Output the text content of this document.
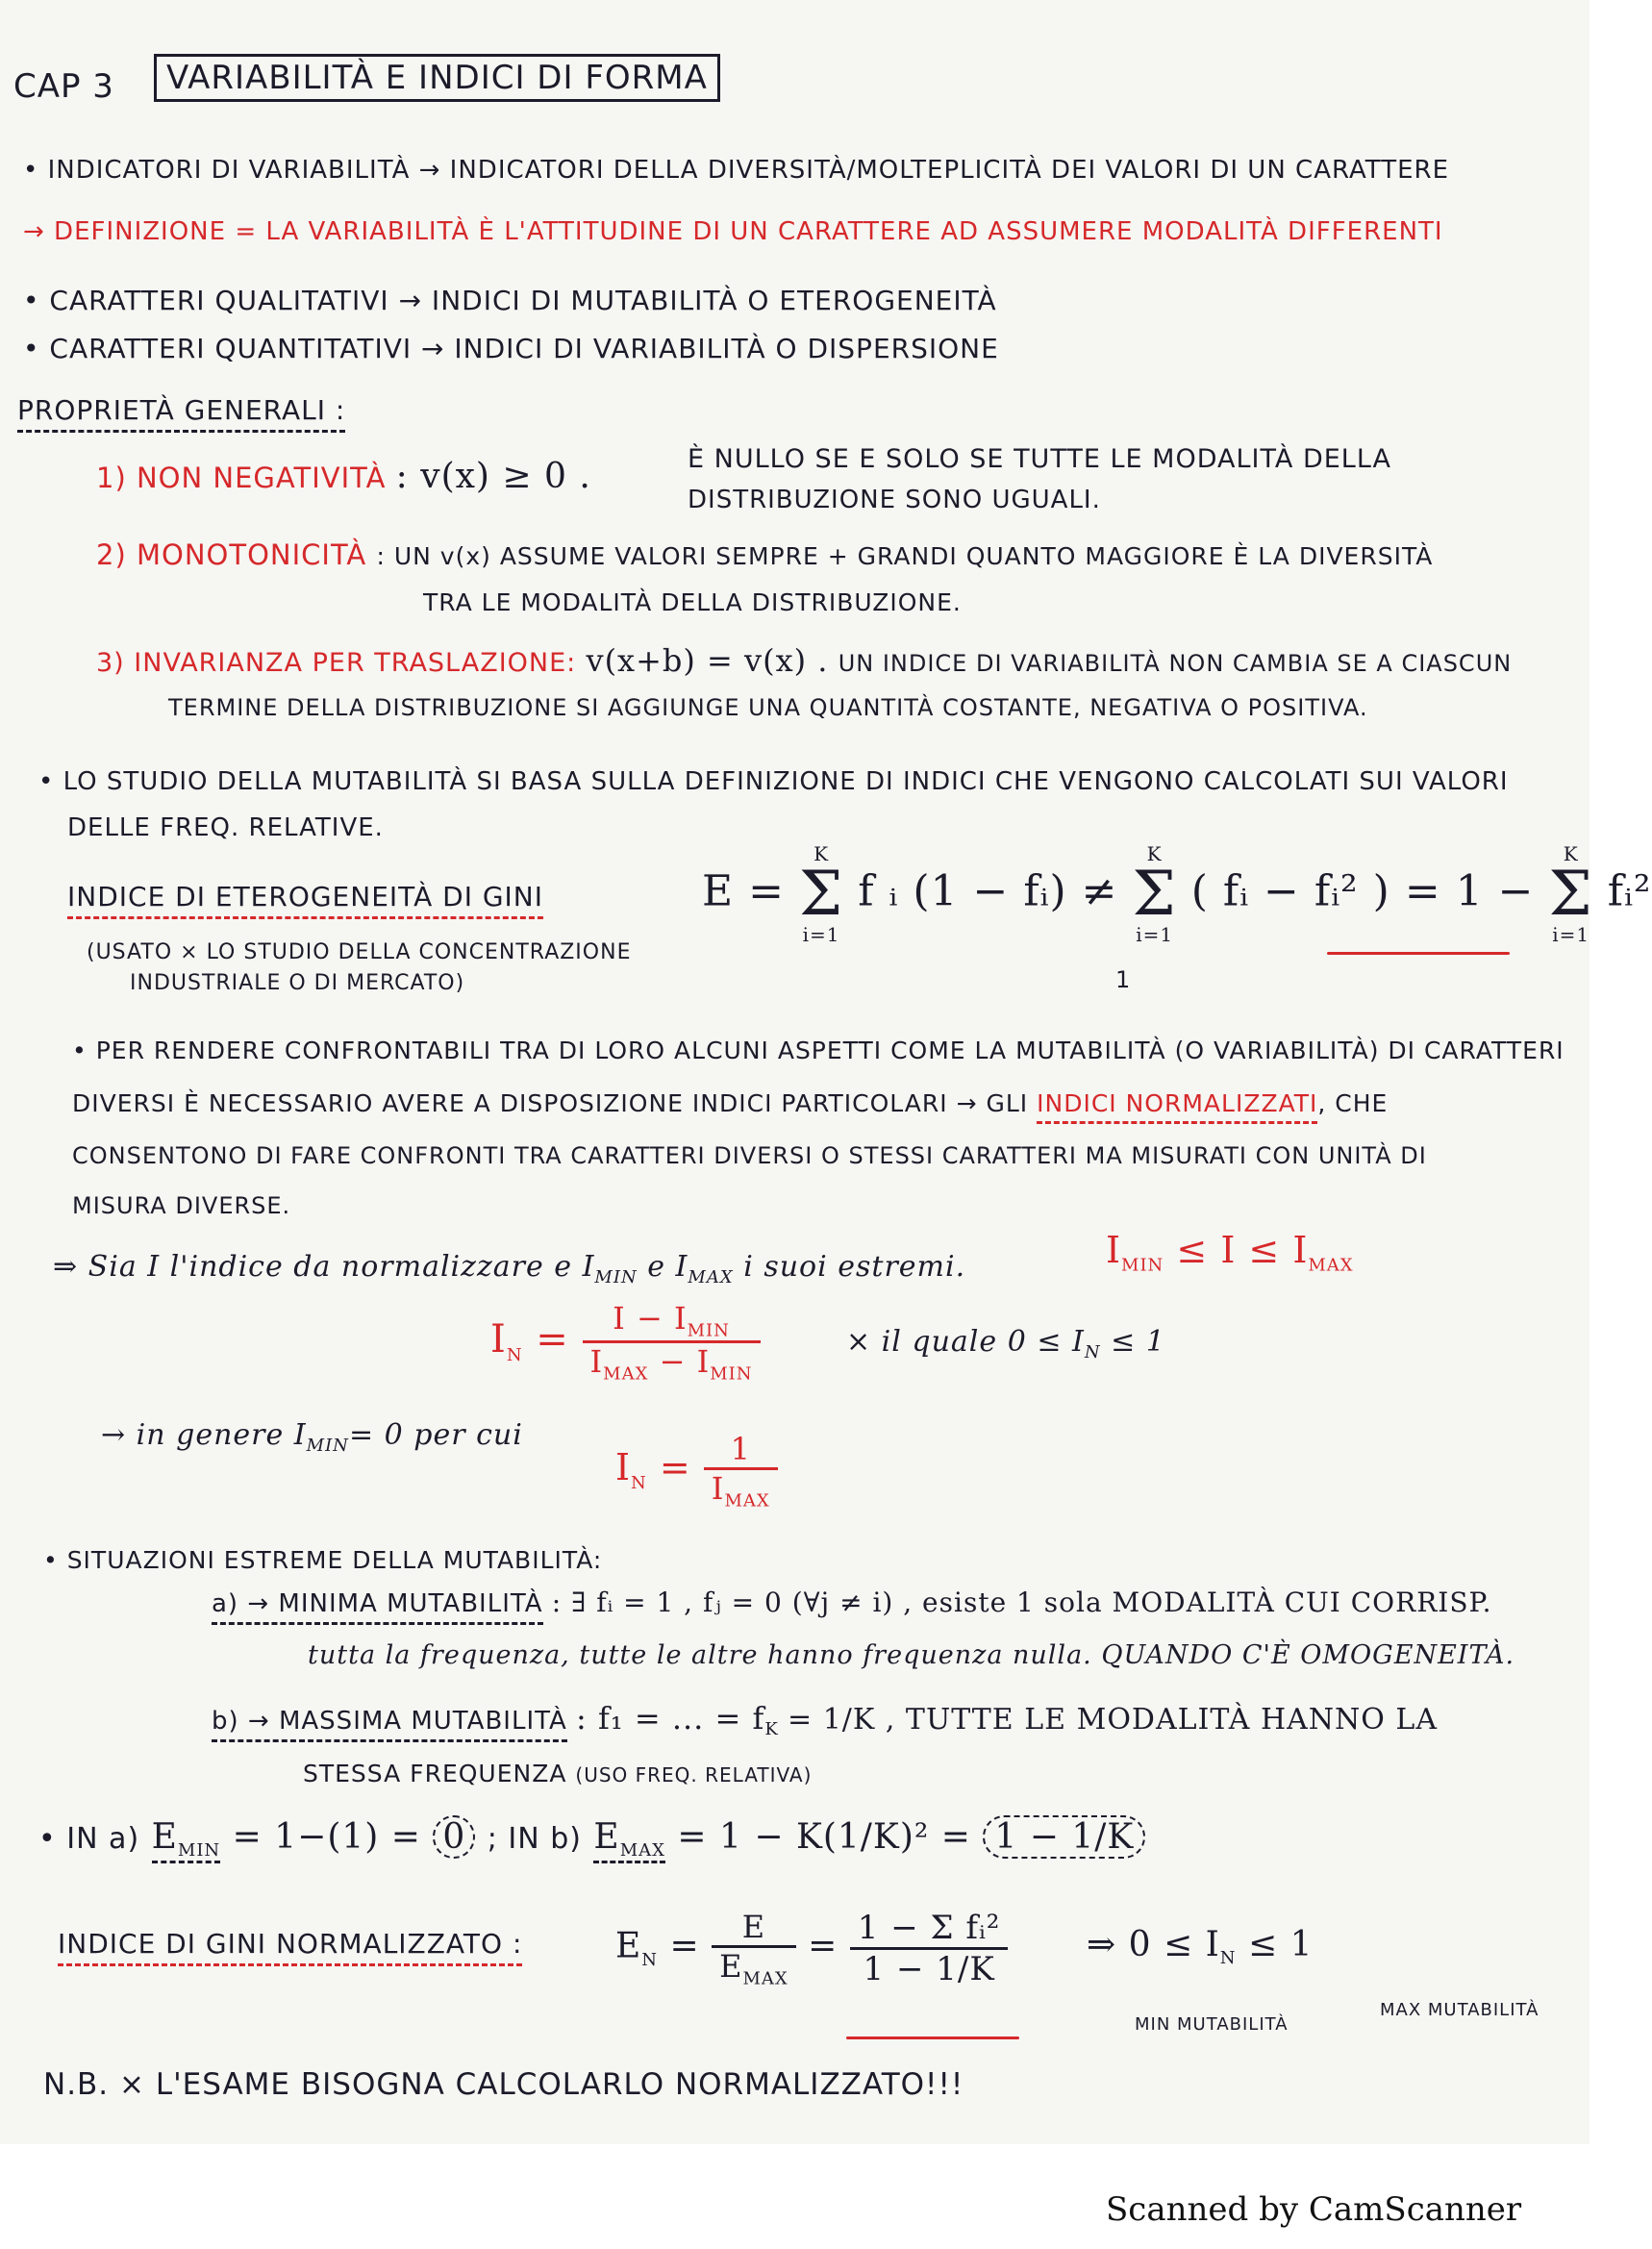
CAP 3	VARIABILITÀ E INDICI DI FORMA
• INDICATORI DI VARIABILITÀ → INDICATORI DELLA DIVERSITÀ/MOLTEPLICITÀ DEI VALORI DI UN CARATTERE
→ DEFINIZIONE = LA VARIABILITÀ È L'ATTITUDINE DI UN CARATTERE AD ASSUMERE MODALITÀ DIFFERENTI
• CARATTERI QUALITATIVI → INDICI DI MUTABILITÀ O ETEROGENEITÀ
• CARATTERI QUANTITATIVI → INDICI DI VARIABILITÀ O DISPERSIONE
PROPRIETÀ GENERALI :
1) NON NEGATIVITÀ : v(x) ≥ 0 .	È NULLO SE E SOLO SE TUTTE LE MODALITÀ DELLA
DISTRIBUZIONE SONO UGUALI.
2) MONOTONICITÀ : UN v(x) ASSUME VALORI SEMPRE + GRANDI QUANTO MAGGIORE È LA DIVERSITÀ
TRA LE MODALITÀ DELLA DISTRIBUZIONE.
3) INVARIANZA PER TRASLAZIONE: v(x+b) = v(x) . UN INDICE DI VARIABILITÀ NON CAMBIA SE A CIASCUN
TERMINE DELLA DISTRIBUZIONE SI AGGIUNGE UNA QUANTITÀ COSTANTE, NEGATIVA O POSITIVA.
• LO STUDIO DELLA MUTABILITÀ SI BASA SULLA DEFINIZIONE DI INDICI CHE VENGONO CALCOLATI SUI VALORI
DELLE FREQ. RELATIVE.
INDICE DI ETEROGENEITÀ DI GINI
(USATO × LO STUDIO DELLA CONCENTRAZIONE
INDUSTRIALE O DI MERCATO)
E =
K
Σ
i=1
f ᵢ (1 − fᵢ) ≠
K
Σ
i=1
( fᵢ − fᵢ² ) = 1 −
K
Σ
i=1
fᵢ²
1
• PER RENDERE CONFRONTABILI TRA DI LORO ALCUNI ASPETTI COME LA MUTABILITÀ (O VARIABILITÀ) DI CARATTERI
DIVERSI È NECESSARIO AVERE A DISPOSIZIONE INDICI PARTICOLARI → GLI INDICI NORMALIZZATI, CHE
CONSENTONO DI FARE CONFRONTI TRA CARATTERI DIVERSI O STESSI CARATTERI MA MISURATI CON UNITÀ DI
MISURA DIVERSE.
⇒ Sia I l'indice da normalizzare e $I_{MIN}$ e $I_{MAX}$ i suoi estremi.	$I_{MIN} \le I \le I_{MAX}$
$I_N = \frac{I - I_{MIN}}{I_{MAX} - I_{MIN}}$	× il quale $0 \le I_N \le 1$
→ in genere $I_{MIN}= 0$ per cui
$I_N = \frac{1}{I_{MAX}}$
• SITUAZIONI ESTREME DELLA MUTABILITÀ:
a) → MINIMA MUTABILITÀ : ∃ fᵢ = 1 , fⱼ = 0 (∀j ≠ i) , esiste 1 sola MODALITÀ CUI CORRISP.
tutta la frequenza, tutte le altre hanno frequenza nulla. QUANDO C'È OMOGENEITÀ.
b) → MASSIMA MUTABILITÀ : f₁ = ... = $f_K = 1/K$ , TUTTE LE MODALITÀ HANNO LA
STESSA FREQUENZA (USO FREQ. RELATIVA)
• IN a) $E_{MIN} = 1-(1) = 0$ ; IN b) $E_{MAX} = 1 - K(1/K)^2 = 1 - 1/K$
INDICE DI GINI NORMALIZZATO :	$E_N = \frac{E}{E_{MAX}} = \frac{\text{1 − Σ fᵢ²}}{1 - 1/K}$ ⇒ $0 \le I_N \le 1$
MIN MUTABILITÀ
MAX MUTABILITÀ
N.B. × L'ESAME BISOGNA CALCOLARLO NORMALIZZATO!!!
Scanned by CamScanner
